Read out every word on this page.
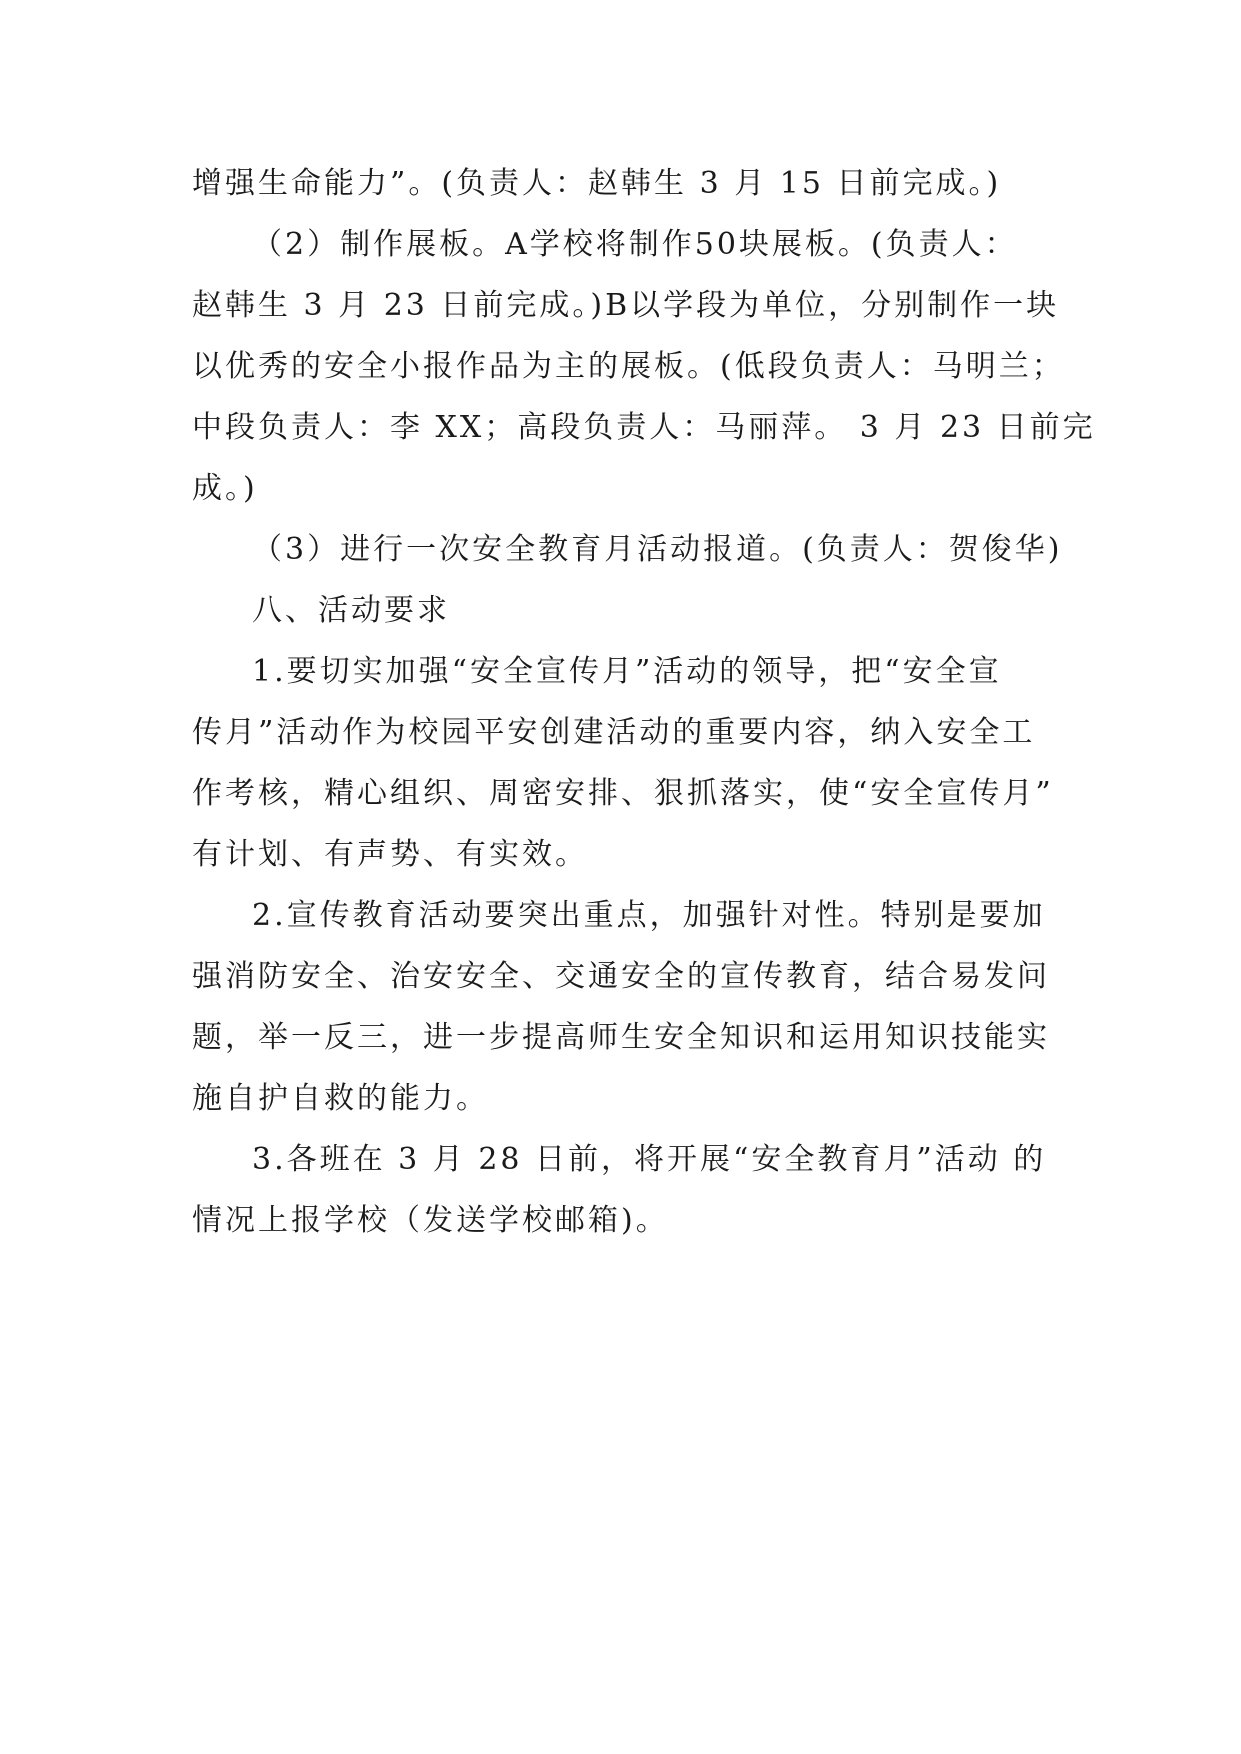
增强生命能力”。(负责人：赵韩生 3 月 15 日前完成。)
（2）制作展板。A学校将制作50块展板。(负责人：
赵韩生 3 月 23 日前完成。)B以学段为单位，分别制作一块
以优秀的安全小报作品为主的展板。(低段负责人：马明兰；
中段负责人：李 XX；高段负责人：马丽萍。 3 月 23 日前完
成。)
（3）进行一次安全教育月活动报道。(负责人：贺俊华)
八、活动要求
1.要切实加强“安全宣传月”活动的领导，把“安全宣
传月”活动作为校园平安创建活动的重要内容，纳入安全工
作考核，精心组织、周密安排、狠抓落实，使“安全宣传月”
有计划、有声势、有实效。
2.宣传教育活动要突出重点，加强针对性。特别是要加
强消防安全、治安安全、交通安全的宣传教育，结合易发问
题，举一反三，进一步提高师生安全知识和运用知识技能实
施自护自救的能力。
3.各班在 3 月 28 日前，将开展“安全教育月”活动 的
情况上报学校（发送学校邮箱)。
